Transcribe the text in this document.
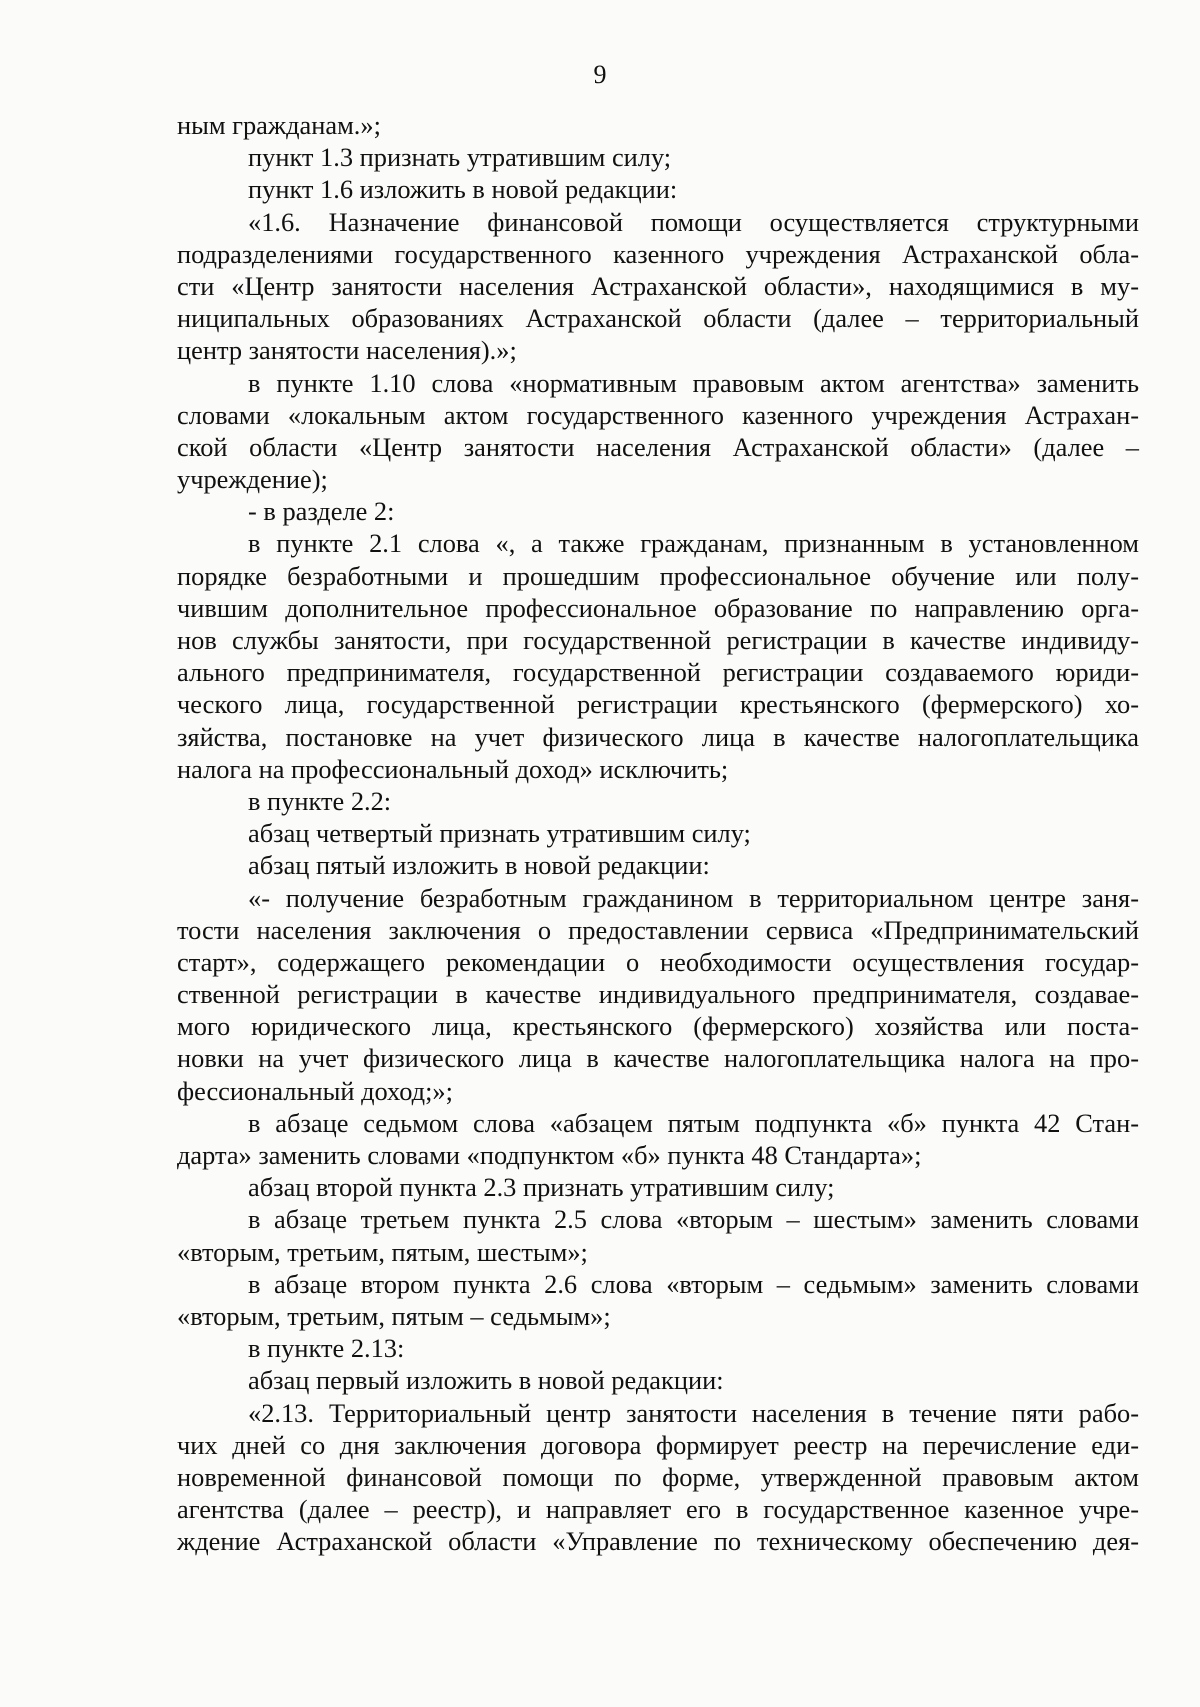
9
ным гражданам.»;
пункт 1.3 признать утратившим силу;
пункт 1.6 изложить в новой редакции:
«1.6. Назначение финансовой помощи осуществляется структурными
подразделениями государственного казенного учреждения Астраханской обла-
сти «Центр занятости населения Астраханской области», находящимися в му-
ниципальных образованиях Астраханской области (далее – территориальный
центр занятости населения).»;
в пункте 1.10 слова «нормативным правовым актом агентства» заменить
словами «локальным актом государственного казенного учреждения Астрахан-
ской области «Центр занятости населения Астраханской области» (далее –
учреждение);
- в разделе 2:
в пункте 2.1 слова «, а также гражданам, признанным в установленном
порядке безработными и прошедшим профессиональное обучение или полу-
чившим дополнительное профессиональное образование по направлению орга-
нов службы занятости, при государственной регистрации в качестве индивиду-
ального предпринимателя, государственной регистрации создаваемого юриди-
ческого лица, государственной регистрации крестьянского (фермерского) хо-
зяйства, постановке на учет физического лица в качестве налогоплательщика
налога на профессиональный доход» исключить;
в пункте 2.2:
абзац четвертый признать утратившим силу;
абзац пятый изложить в новой редакции:
«- получение безработным гражданином в территориальном центре заня-
тости населения заключения о предоставлении сервиса «Предпринимательский
старт», содержащего рекомендации о необходимости осуществления государ-
ственной регистрации в качестве индивидуального предпринимателя, создавае-
мого юридического лица, крестьянского (фермерского) хозяйства или поста-
новки на учет физического лица в качестве налогоплательщика налога на про-
фессиональный доход;»;
в абзаце седьмом слова «абзацем пятым подпункта «б» пункта 42 Стан-
дарта» заменить словами «подпунктом «б» пункта 48 Стандарта»;
абзац второй пункта 2.3 признать утратившим силу;
в абзаце третьем пункта 2.5 слова «вторым – шестым» заменить словами
«вторым, третьим, пятым, шестым»;
в абзаце втором пункта 2.6 слова «вторым – седьмым» заменить словами
«вторым, третьим, пятым – седьмым»;
в пункте 2.13:
абзац первый изложить в новой редакции:
«2.13. Территориальный центр занятости населения в течение пяти рабо-
чих дней со дня заключения договора формирует реестр на перечисление еди-
новременной финансовой помощи по форме, утвержденной правовым актом
агентства (далее – реестр), и направляет его в государственное казенное учре-
ждение Астраханской области «Управление по техническому обеспечению дея-
